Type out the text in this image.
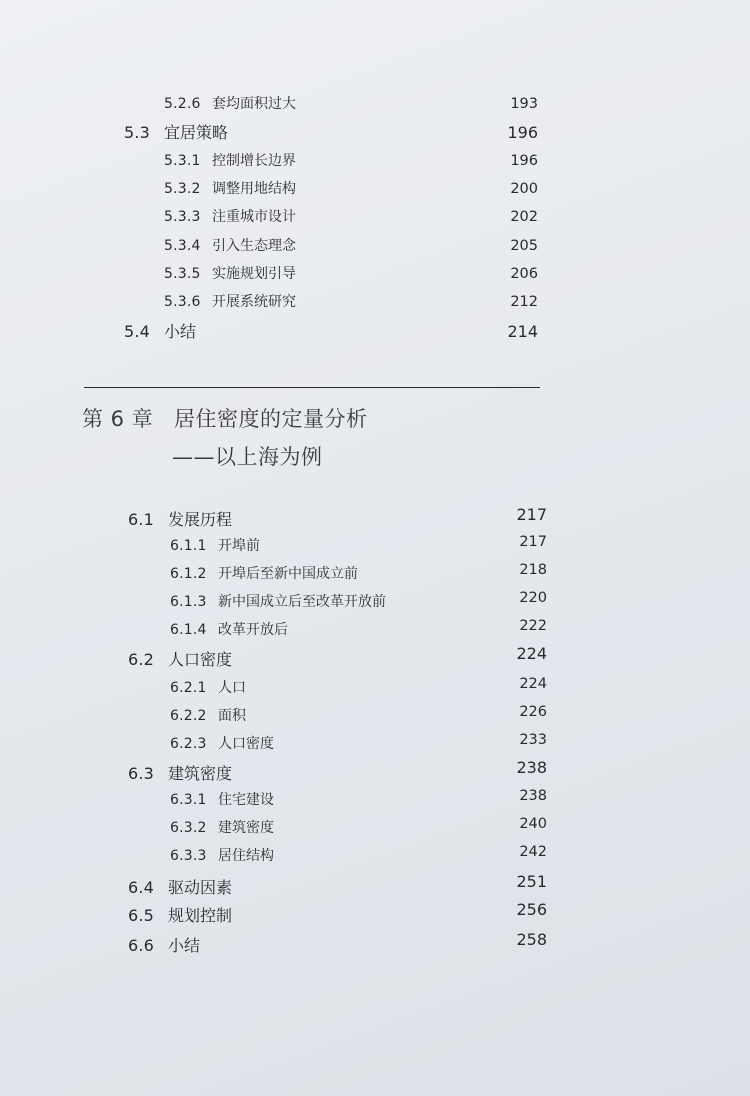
5.2.6 套均面积过大	193
5.3 宜居策略	196
5.3.1 控制增长边界	196
5.3.2 调整用地结构	200
5.3.3 注重城市设计	202
5.3.4 引入生态理念	205
5.3.5 实施规划引导	206
5.3.6 开展系统研究	212
5.4 小结	214
第 6 章 居住密度的定量分析
——以上海为例
6.1 发展历程	217
6.1.1 开埠前	217
6.1.2 开埠后至新中国成立前	218
6.1.3 新中国成立后至改革开放前	220
6.1.4 改革开放后	222
6.2 人口密度	224
6.2.1 人口	224
6.2.2 面积	226
6.2.3 人口密度	233
6.3 建筑密度	238
6.3.1 住宅建设	238
6.3.2 建筑密度	240
6.3.3 居住结构	242
6.4 驱动因素	251
6.5 规划控制	256
6.6 小结	258
